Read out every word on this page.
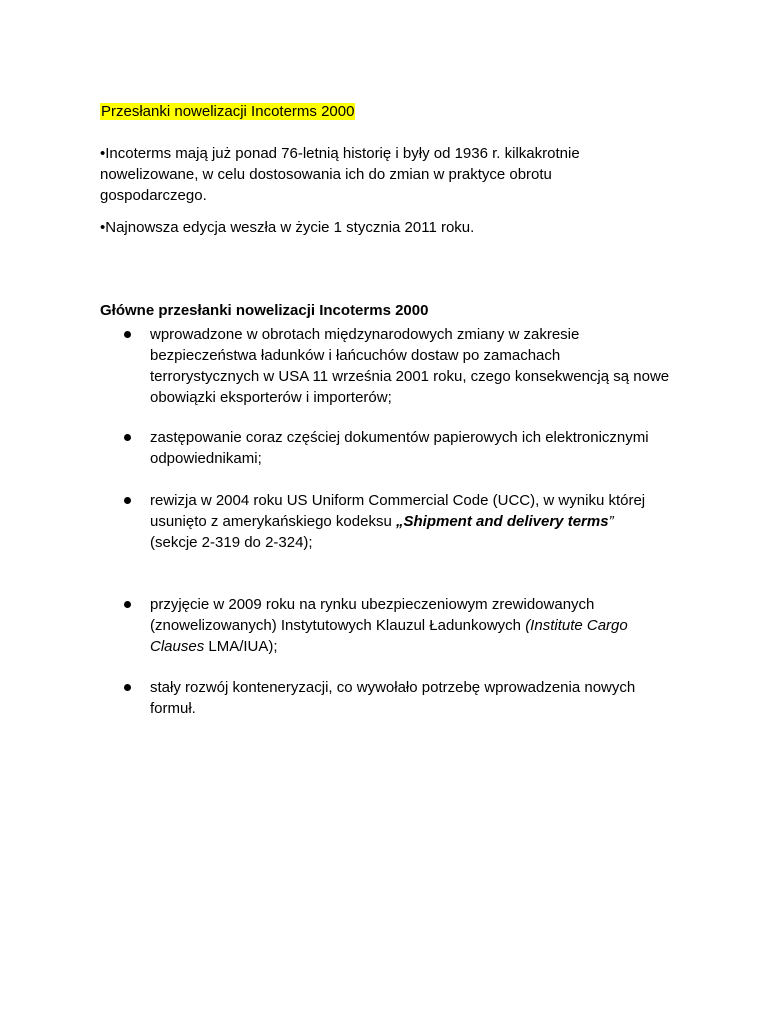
Przesłanki nowelizacji Incoterms 2000

•Incoterms mają już ponad 76-letnią historię i były od 1936 r. kilkakrotnie nowelizowane, w celu dostosowania ich do zmian w praktyce obrotu gospodarczego.

•Najnowsza edycja weszła w życie 1 stycznia 2011 roku.

Główne przesłanki nowelizacji Incoterms 2000

wprowadzone w obrotach międzynarodowych zmiany w zakresie bezpieczeństwa ładunków i łańcuchów dostaw po zamachach terrorystycznych w USA 11 września 2001 roku, czego konsekwencją są nowe obowiązki eksporterów i importerów;

zastępowanie coraz częściej dokumentów papierowych ich elektronicznymi odpowiednikami;

rewizja w 2004 roku US Uniform Commercial Code (UCC), w wyniku której usunięto z amerykańskiego kodeksu „Shipment and delivery terms”
(sekcje 2-319 do 2-324);

przyjęcie w 2009 roku na rynku ubezpieczeniowym zrewidowanych (znowelizowanych) Instytutowych Klauzul Ładunkowych (Institute Cargo Clauses LMA/IUA);

stały rozwój konteneryzacji, co wywołało potrzebę wprowadzenia nowych formuł.
